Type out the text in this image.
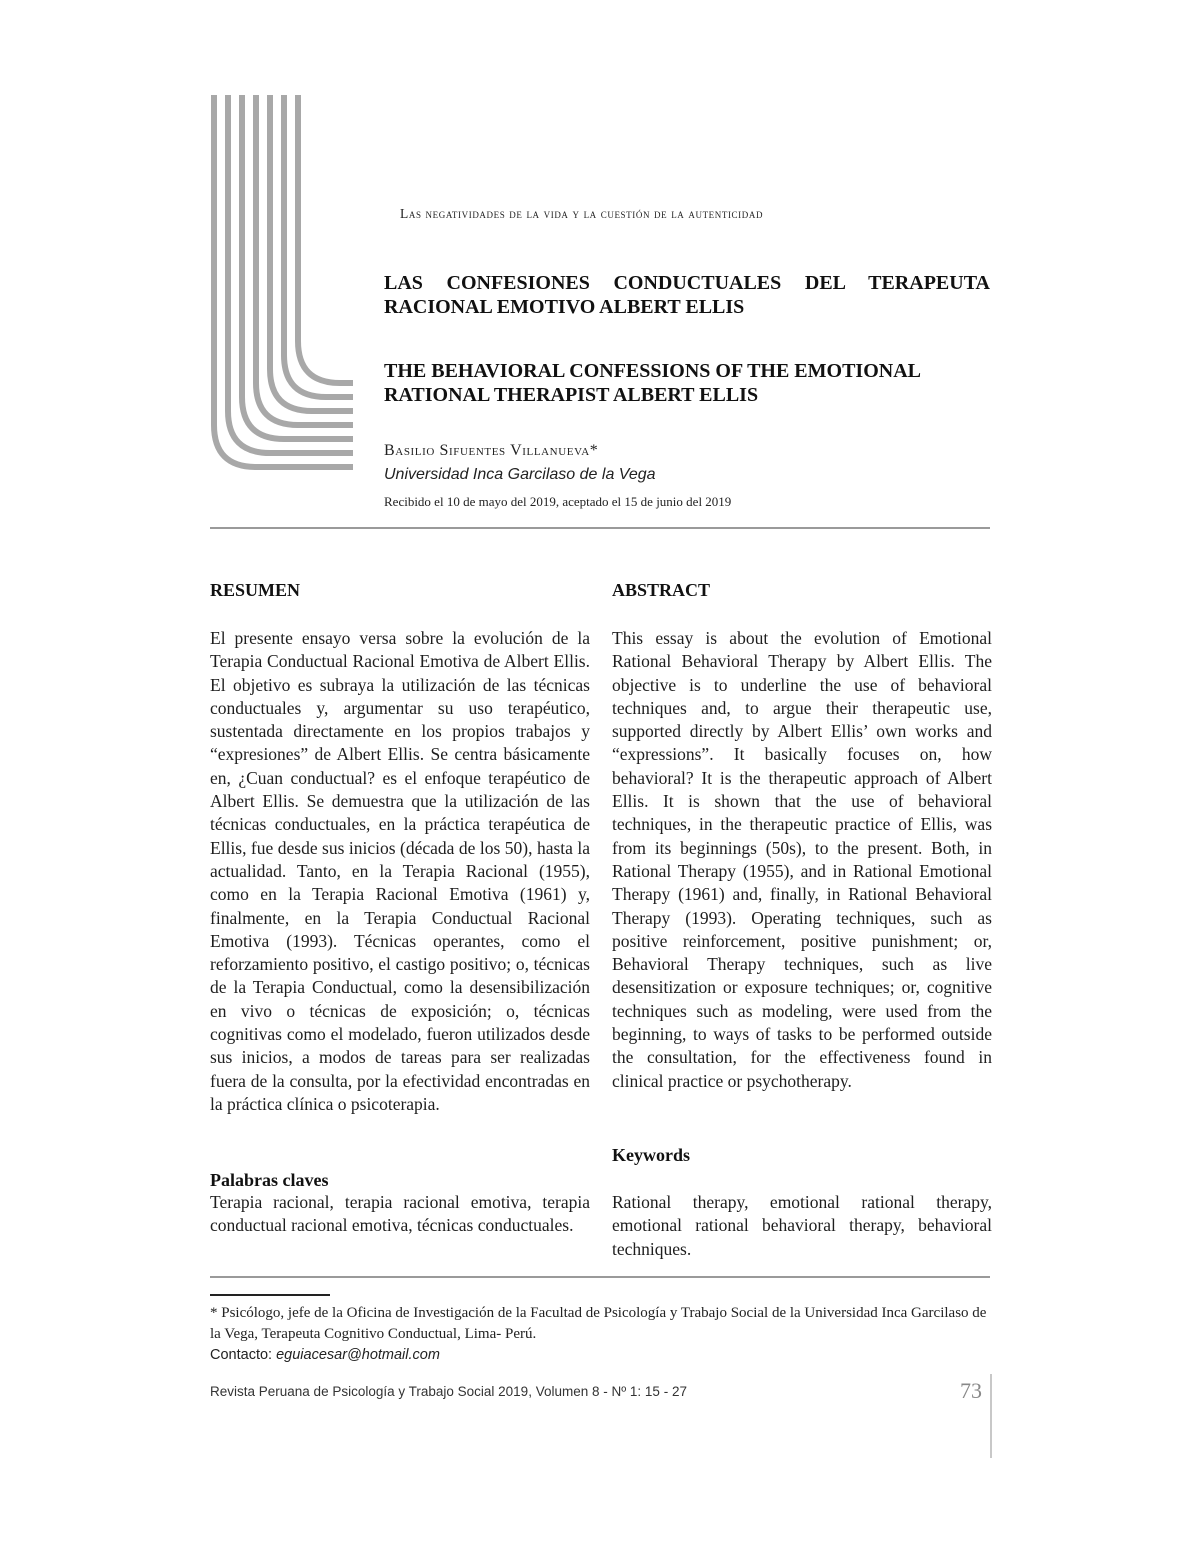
Las negatividades de la vida y la cuestión de la autenticidad
LAS CONFESIONES CONDUCTUALES DEL TERAPEUTA
RACIONAL EMOTIVO ALBERT ELLIS
THE BEHAVIORAL CONFESSIONS OF THE EMOTIONAL
RATIONAL THERAPIST ALBERT ELLIS
Basilio Sifuentes Villanueva*
Universidad Inca Garcilaso de la Vega
Recibido el 10 de mayo del 2019, aceptado el 15 de junio del 2019
RESUMEN
El presente ensayo versa sobre la evolución de la Terapia Conductual Racional Emotiva de Albert Ellis. El objetivo es subraya la utilización de las técnicas conductuales y, argumentar su uso terapéutico, sustentada directamente en los propios trabajos y “expresiones” de Albert Ellis. Se centra básicamente en, ¿Cuan conductual? es el enfoque terapéutico de Albert Ellis. Se demuestra que la utilización de las técnicas conductuales, en la práctica terapéutica de Ellis, fue desde sus inicios (década de los 50), hasta la actualidad. Tanto, en la Terapia Racional (1955), como en la Terapia Racional Emotiva (1961) y, finalmente, en la Terapia Conductual Racional Emotiva (1993). Técnicas operantes, como el reforzamiento positivo, el castigo positivo; o, técnicas de la Terapia Conductual, como la desensibilización en vivo o técnicas de exposición; o, técnicas cognitivas como el modelado, fueron utilizados desde sus inicios, a modos de tareas para ser realizadas fuera de la consulta, por la efectividad encontradas en la práctica clínica o psicoterapia.
Palabras claves
Terapia racional, terapia racional emotiva, terapia conductual racional emotiva, técnicas conductuales.
ABSTRACT
This essay is about the evolution of Emotional Rational Behavioral Therapy by Albert Ellis. The objective is to underline the use of behavioral techniques and, to argue their therapeutic use, supported directly by Albert Ellis’ own works and “expressions”. It basically focuses on, how behavioral? It is the therapeutic approach of Albert Ellis. It is shown that the use of behavioral techniques, in the therapeutic practice of Ellis, was from its beginnings (50s), to the present. Both, in Rational Therapy (1955), and in Rational Emotional Therapy (1961) and, finally, in Rational Behavioral Therapy (1993). Operating techniques, such as positive reinforcement, positive punishment; or, Behavioral Therapy techniques, such as live desensitization or exposure techniques; or, cognitive techniques such as modeling, were used from the beginning, to ways of tasks to be performed outside the consultation, for the effectiveness found in clinical practice or psychotherapy.
Keywords
Rational therapy, emotional rational therapy, emotional rational behavioral therapy, behavioral techniques.
* Psicólogo, jefe de la Oficina de Investigación de la Facultad de Psicología y Trabajo Social de la Universidad Inca Garcilaso de la Vega, Terapeuta Cognitivo Conductual, Lima- Perú.
Contacto: eguiacesar@hotmail.com
Revista Peruana de Psicología y Trabajo Social 2019, Volumen 8 - Nº 1: 15 - 27	73
